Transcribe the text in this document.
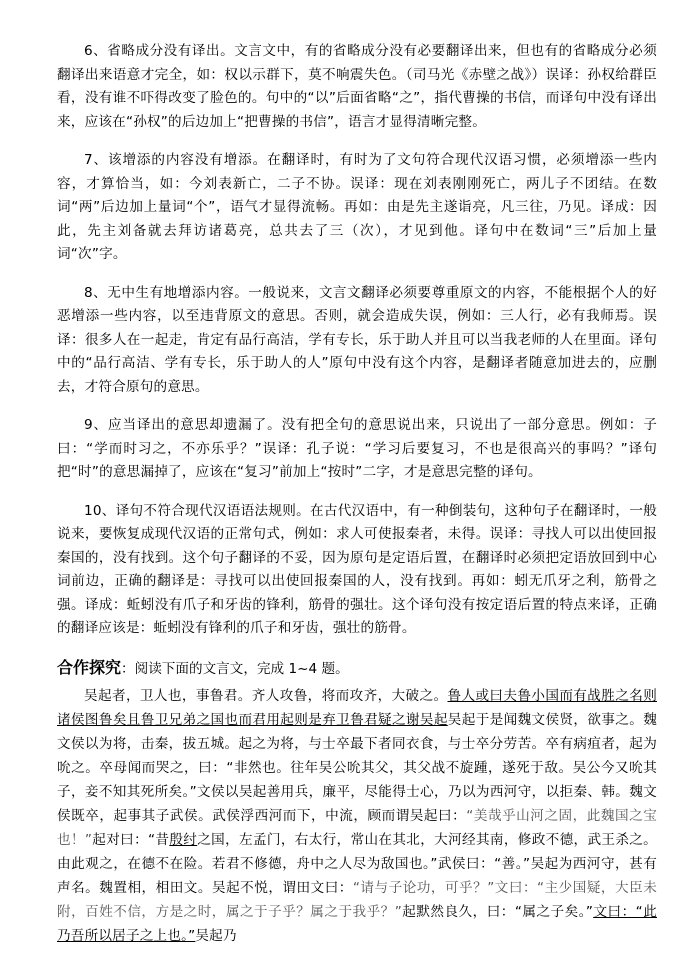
6、省略成分没有译出。文言文中，有的省略成分没有必要翻译出来，但也有的省略成分必须翻译出来语意才完全，如：权以示群下，莫不响震失色。（司马光《赤壁之战》）误译：孙权给群臣看，没有谁不吓得改变了脸色的。句中的“以”后面省略“之”，指代曹操的书信，而译句中没有译出来，应该在“孙权”的后边加上“把曹操的书信”，语言才显得清晰完整。

7、该增添的内容没有增添。在翻译时，有时为了文句符合现代汉语习惯，必须增添一些内容，才算恰当，如：今刘表新亡，二子不协。误译：现在刘表刚刚死亡，两儿子不团结。在数词“两”后边加上量词“个”，语气才显得流畅。再如：由是先主遂诣亮，凡三往，乃见。译成：因此，先主刘备就去拜访诸葛亮，总共去了三（次），才见到他。译句中在数词“三”后加上量词“次”字。

8、无中生有地增添内容。一般说来，文言文翻译必须要尊重原文的内容，不能根据个人的好恶增添一些内容，以至违背原文的意思。否则，就会造成失误，例如：三人行，必有我师焉。误译：很多人在一起走，肯定有品行高洁，学有专长，乐于助人并且可以当我老师的人在里面。译句中的“品行高洁、学有专长，乐于助人的人”原句中没有这个内容，是翻译者随意加进去的，应删去，才符合原句的意思。

9、应当译出的意思却遗漏了。没有把全句的意思说出来，只说出了一部分意思。例如：子曰：“学而时习之，不亦乐乎？”误译：孔子说：“学习后要复习，不也是很高兴的事吗？”译句把“时”的意思漏掉了，应该在“复习”前加上“按时”二字，才是意思完整的译句。

10、译句不符合现代汉语语法规则。在古代汉语中，有一种倒装句，这种句子在翻译时，一般说来，要恢复成现代汉语的正常句式，例如：求人可使报秦者，未得。误译：寻找人可以出使回报秦国的，没有找到。这个句子翻译的不妥，因为原句是定语后置，在翻译时必须把定语放回到中心词前边，正确的翻译是：寻找可以出使回报秦国的人，没有找到。再如：蚓无爪牙之利，筋骨之强。译成：蚯蚓没有爪子和牙齿的锋利，筋骨的强壮。这个译句没有按定语后置的特点来译，正确的翻译应该是：蚯蚓没有锋利的爪子和牙齿，强壮的筋骨。

合作探究：阅读下面的文言文，完成 1~4 题。

吴起者，卫人也，事鲁君。齐人攻鲁，将而攻齐，大破之。鲁人或曰夫鲁小国而有战胜之名则诸侯图鲁矣且鲁卫兄弟之国也而君用起则是弃卫鲁君疑之谢吴起吴起于是闻魏文侯贤，欲事之。魏文侯以为将，击秦，拔五城。起之为将，与士卒最下者同衣食，与士卒分劳苦。卒有病疽者，起为吮之。卒母闻而哭之，曰：“非然也。往年吴公吮其父，其父战不旋踵，遂死于敌。吴公今又吮其子，妾不知其死所矣。”文侯以吴起善用兵，廉平，尽能得士心，乃以为西河守，以拒秦、韩。魏文侯既卒，起事其子武侯。武侯浮西河而下，中流，顾而谓吴起曰：“美哉乎山河之固，此魏国之宝也！”起对曰：“昔殷纣之国，左孟门，右太行，常山在其北，大河经其南，修政不德，武王杀之。由此观之，在德不在险。若君不修德，舟中之人尽为敌国也。”武侯曰：“善。”吴起为西河守，甚有声名。魏置相，相田文。吴起不悦，谓田文曰：“请与子论功，可乎？”文曰：“主少国疑，大臣未附，百姓不信，方是之时，属之于子乎？属之于我乎？”起默然良久，曰：“属之子矣。”文曰：“此乃吾所以居子之上也。”吴起乃
